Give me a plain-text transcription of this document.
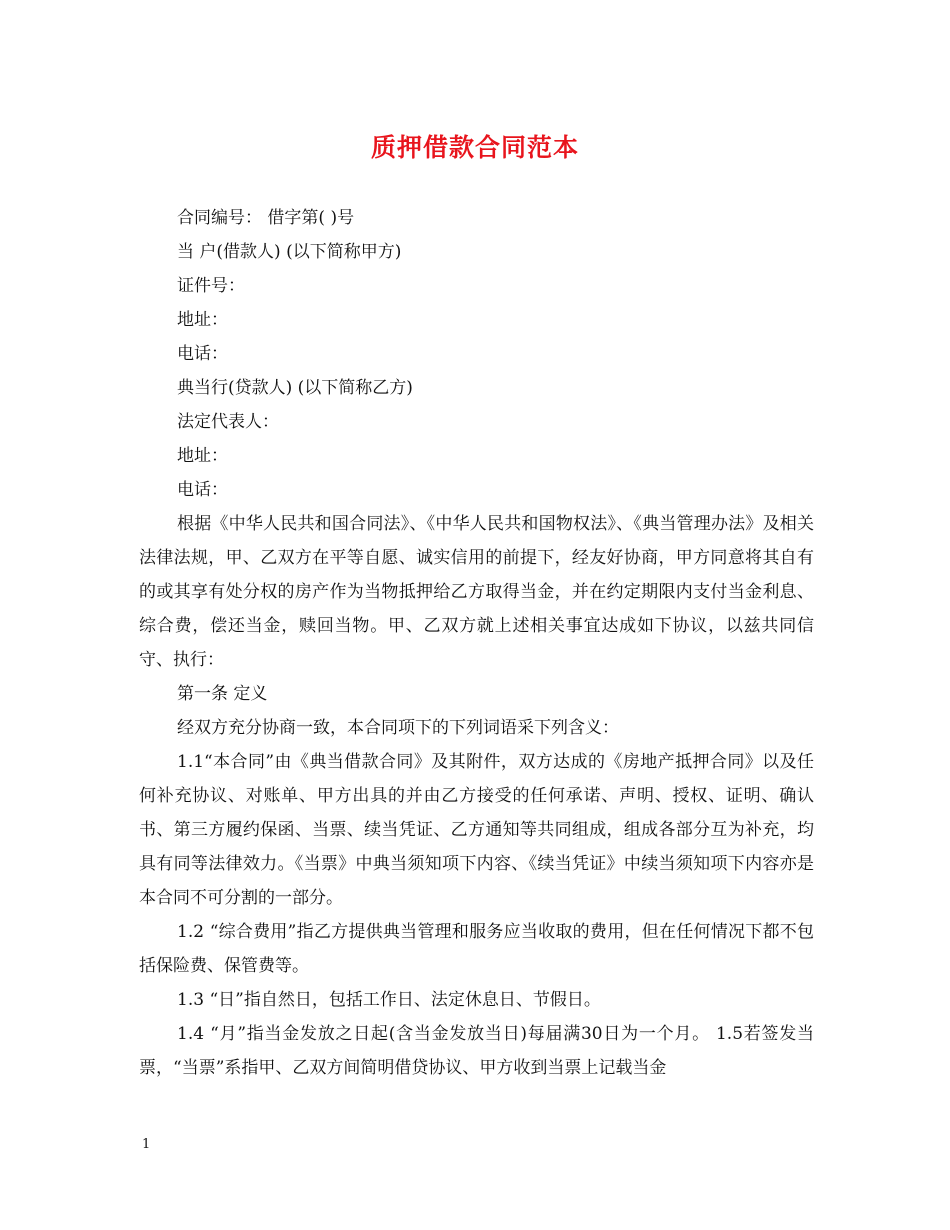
质押借款合同范本

合同编号： 借字第( )号

当 户(借款人) (以下简称甲方)

证件号：

地址：

电话：

典当行(贷款人) (以下简称乙方)

法定代表人：

地址：

电话：

根据《中华人民共和国合同法》、《中华人民共和国物权法》、《典当管理办法》及相关法律法规，甲、乙双方在平等自愿、诚实信用的前提下，经友好协商，甲方同意将其自有的或其享有处分权的房产作为当物抵押给乙方取得当金，并在约定期限内支付当金利息、综合费，偿还当金，赎回当物。甲、乙双方就上述相关事宜达成如下协议，以兹共同信守、执行：

第一条 定义

经双方充分协商一致，本合同项下的下列词语采下列含义：

1.1“本合同”由《典当借款合同》及其附件，双方达成的《房地产抵押合同》以及任何补充协议、对账单、甲方出具的并由乙方接受的任何承诺、声明、授权、证明、确认书、第三方履约保函、当票、续当凭证、乙方通知等共同组成，组成各部分互为补充，均具有同等法律效力。《当票》中典当须知项下内容、《续当凭证》中续当须知项下内容亦是本合同不可分割的一部分。

1.2 “综合费用”指乙方提供典当管理和服务应当收取的费用，但在任何情况下都不包括保险费、保管费等。

1.3 “日”指自然日，包括工作日、法定休息日、节假日。

1.4 “月”指当金发放之日起(含当金发放当日)每届满30日为一个月。 1.5若签发当票，“当票”系指甲、乙双方间简明借贷协议、甲方收到当票上记载当金

1
